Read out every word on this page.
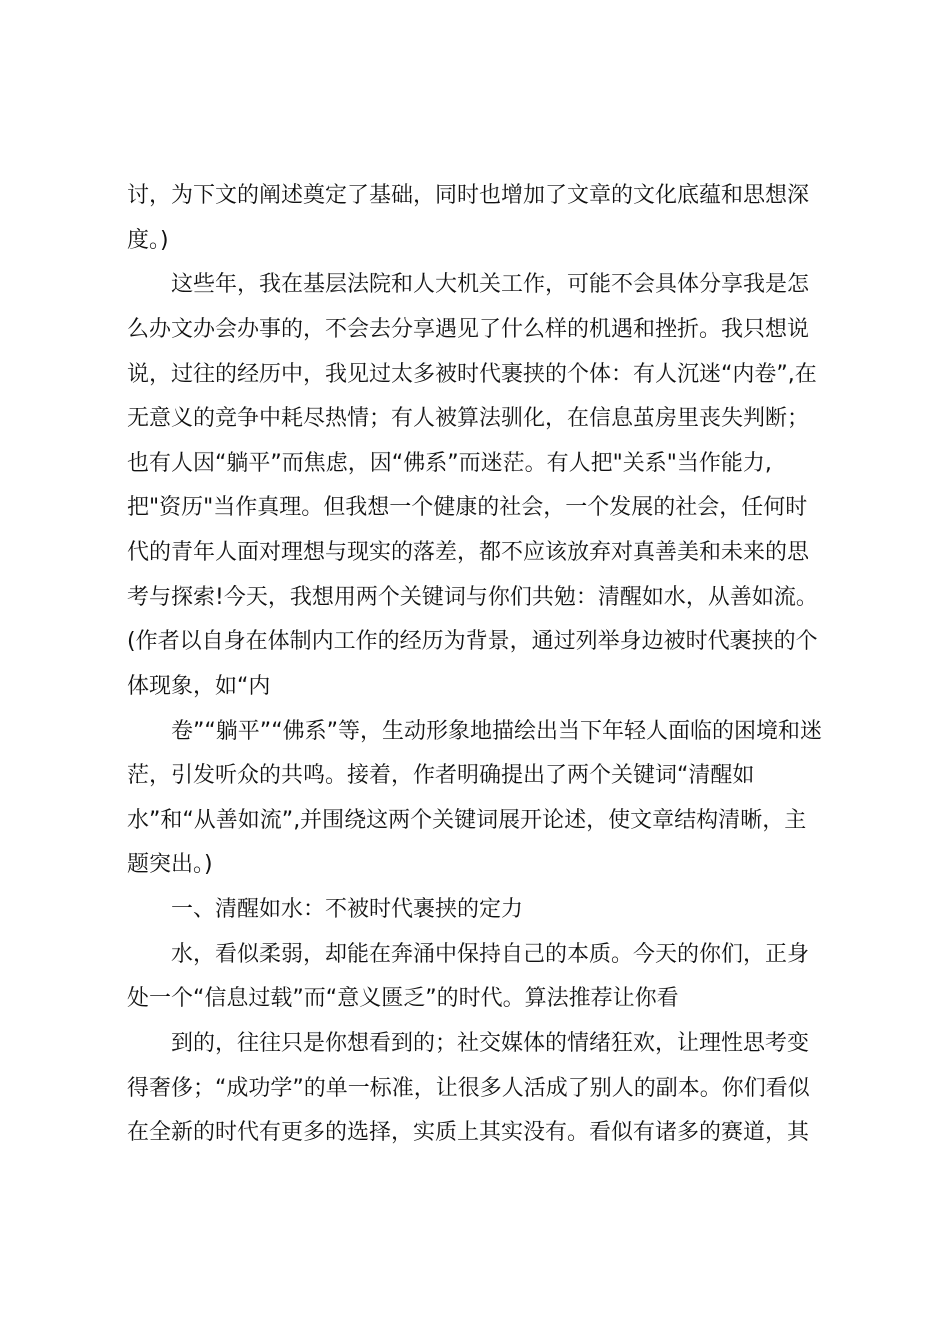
讨，为下文的阐述奠定了基础，同时也增加了文章的文化底蕴和思想深
度。)
这些年，我在基层法院和人大机关工作，可能不会具体分享我是怎
么办文办会办事的，不会去分享遇见了什么样的机遇和挫折。我只想说
说，过往的经历中，我见过太多被时代裹挟的个体：有人沉迷“内卷”,在
无意义的竞争中耗尽热情；有人被算法驯化，在信息茧房里丧失判断；
也有人因“躺平”而焦虑，因“佛系”而迷茫。有人把"关系"当作能力,
把"资历"当作真理。但我想一个健康的社会，一个发展的社会，任何时
代的青年人面对理想与现实的落差，都不应该放弃对真善美和未来的思
考与探索!今天，我想用两个关键词与你们共勉：清醒如水，从善如流。
(作者以自身在体制内工作的经历为背景，通过列举身边被时代裹挟的个
体现象，如“内
卷”“躺平”“佛系”等，生动形象地描绘出当下年轻人面临的困境和迷
茫，引发听众的共鸣。接着，作者明确提出了两个关键词“清醒如
水”和“从善如流”,并围绕这两个关键词展开论述，使文章结构清晰，主
题突出。)
一、清醒如水：不被时代裹挟的定力
水，看似柔弱，却能在奔涌中保持自己的本质。今天的你们，正身
处一个“信息过载”而“意义匮乏”的时代。算法推荐让你看
到的，往往只是你想看到的；社交媒体的情绪狂欢，让理性思考变
得奢侈；“成功学”的单一标准，让很多人活成了别人的副本。你们看似
在全新的时代有更多的选择，实质上其实没有。看似有诸多的赛道，其
